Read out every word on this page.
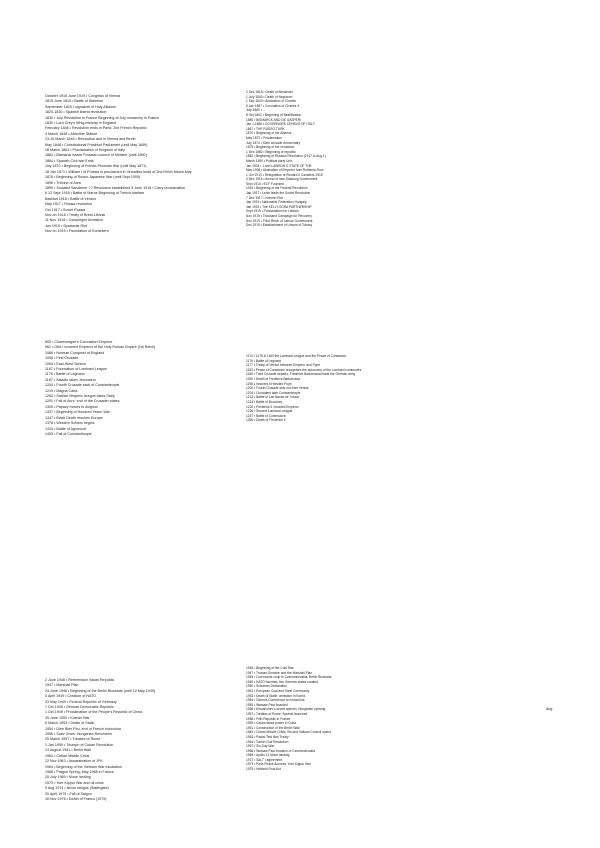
October 1918 June 1919 • Congress of Vienna
1815 June 1815 • Battle of Waterloo
September 1815 • signature of Holy Alliance
1820-1830 • Spanish liberal revolution
1830 • July Revolution in France Beginning of July monarchy in France
1830 • Lord Grey's Whig ministry in England
February 1848 • Revolution ends in Paris; 2nd French Republic
4 March 1848 • Albertine Statute
13-15 March 1848 • Revolution and in Vienna and Berlin
May 1848 • Constitutional Frankfurt Parliament (until May 1849)
18 March 1861 • Proclamation of Kingdom of Italy
1862 • Bismarck heads Prussian council of Minister (until 1890)
1864 • Spanish Civil war Ends
July 1870 • Beginning of Franco-Prussian War (until May 1871)
18 Jan 1871 • William I of Prussia is proclaimed in Versailles head of 2nd Reich Marsh May
1878 • Beginning of Russo-Japanese War (until Sept 1905)
1896 • Tribune of Ares
1899 • Socialist Sandinner ?? Revolution established 9 June 1918 • Carry proclamation
6 13 Sept 1918 • Battle of Marne Beginning of Trench warfare
Basilian 1918 • Battle of Verdun
May 1917 • Russia revolution
Oct 1917 • Soviet Russia
Nov on 1918 • Treaty of Brest-Litovsk
11 Nov 1918 • Compiègne Armistice
Jan 1919 • Spartacist Riot
Nov on 1919 • Foundation of Komintern
2 Dec 1818 • Death of Alexander
1 July 1840 • Death of Napoleon
1 Sep 1843 • Abdication of Charles
5 Jan 1857 • Coronation of Charles X
July 1860 • ...
8 Oct 1862 • Beginning of Beatification
1880 • BISMARCK AND DE GASPERI
Jan 1 1885 • GOVERNORS CENSUS OF ITALY
1867 • THE RUSSO-TURK
1870 • Beginning of the Alliance
May 1872 • Proclamation
July 1874 • Sixth crusade Anniversary
1875 • Beginning of the revolution
1 Dec 1880 • Beginning of republic
1882 • Beginning of Russian Revolution (1917 to Aug 1)
March 1890 • Political party Unit
Jan 1904 • 1 Ann LAWSON E STATE OF THE
May 1908 • Abdication of Emperor Ivan Ruthenia Rum
1 Oct 1913 • Resignation of Richard II Cavaliers 1918
3 Dec 1914 • Arrival of new Stasburg Government
Sept 1914 • ECF Founded
1915 • Beginning of the Federal Revolution
Jan 1917 • Lenin leads the Soviet Revolution
7 Dec 1917 • Kremlin Riot
Jan 1919 • Nationalist Federation Hungary
Jan 1919 • The KELLY-SORA PARTNERSHIP
Sept 1919 • Proclamation for Latvian
Nov 1919 • Thousand Campaign for Recovery
Nov 1919 • Third Reich of Labour Government
Dec 1919 • Establishment of Unions of Tolstoy
800 • Charlemagne's Coronation Emperor
962 • Otto I crowned Emperor of the Holy Roman Empire (1st Reich)
1066 • Norman Conquest of England
1096 • First Crusade
1054 • East-West Schism
1167 • Foundation of Lombard League
1176 • Battle of Legnano
1187 • Saladin takes Jerusalem
1204 • Fourth Crusade sack of Constantinople
1215 • Magna Carta
1282 • Sicilian Vespers; Aragon takes Sicily
1291 • Fall of Acre, end of the Crusader states
1309 • Papacy moves to Avignon
1337 • Beginning of Hundred Years' War
1347 • Black Death reaches Europe
1378 • Western Schism begins
1415 • Battle of Agincourt
1453 • Fall of Constantinople
1174 • 1176 & 1183 the Lombard League and the Peace of Constance
1176 • Battle of Legnano
1177 • Treaty of Venice between Emperor and Pope
1183 • Peace of Constance recognises the autonomy of the Lombard communes
1189 • Third Crusade departs; Frederick Barbarossa leads the German army
1190 • Death of Frederick Barbarossa
1198 • Innocent III elected Pope
1202 • Fourth Crusade sets out from Venice
1204 • Crusaders take Constantinople
1212 • Battle of Las Navas de Tolosa
1214 • Battle of Bouvines
1220 • Frederick II crowned Emperor
1226 • Second Lombard League
1237 • Battle of Cortenuova
1250 • Death of Frederick II
2 June 1946 • Referendum Italian Republic
1947 • Marshall Plan
24 June 1948 • Beginning of the Berlin Blockade (until 12 May 1949)
4 April 1949 • Creation of NATO
23 May 1949 • Federal Republic of Germany
7 Oct 1949 • German Democratic Republic
1 Oct 1949 • Proclamation of the People's Republic of China
25 June 1950 • Korean War
5 March 1953 • Death of Stalin
1954 • Dien Bien Phu, end of French Indochina
1956 • Suez Crisis; Hungarian Revolution
25 March 1957 • Treaties of Rome
1 Jan 1959 • Triumph of Cuban Revolution
13 August 1961 • Berlin Wall
1962 • Cuban Missile Crisis
22 Nov 1963 • Assassination of JFK
1964 • Beginning of the Vietnam War escalation
1968 • Prague Spring; May 1968 in France
20 July 1969 • Moon landing
1973 • Yom Kippur War and oil crisis
9 Aug 1974 • Nixon resigns (Watergate)
30 April 1975 • Fall of Saigon
16 Nov 1976 • Death of Franco (1975)
1946 • Beginning of the Cold War
1947 • Truman Doctrine and the Marshall Plan
1948 • Communist coup in Czechoslovakia; Berlin Blockade
1949 • NATO founded; two German states created
1950 • Schuman Declaration
1951 • European Coal and Steel Community
1953 • Death of Stalin; armistice in Korea
1954 • Geneva Conference on Indochina
1955 • Warsaw Pact founded
1956 • Khrushchev's secret speech; Hungarian uprising
1957 • Treaties of Rome; Sputnik launched
1958 • Fifth Republic in France
1959 • Castro takes power in Cuba
1961 • Construction of the Berlin Wall
1962 • Cuban Missile Crisis; Second Vatican Council opens
1963 • Partial Test Ban Treaty
1964 • Tonkin Gulf Resolution
1967 • Six-Day War
1968 • Warsaw Pact invasion of Czechoslovakia
1969 • Apollo 11 Moon landing
1972 • SALT I agreement
1973 • Paris Peace Accords; Yom Kippur War
1975 • Helsinki Final Act
Aug
